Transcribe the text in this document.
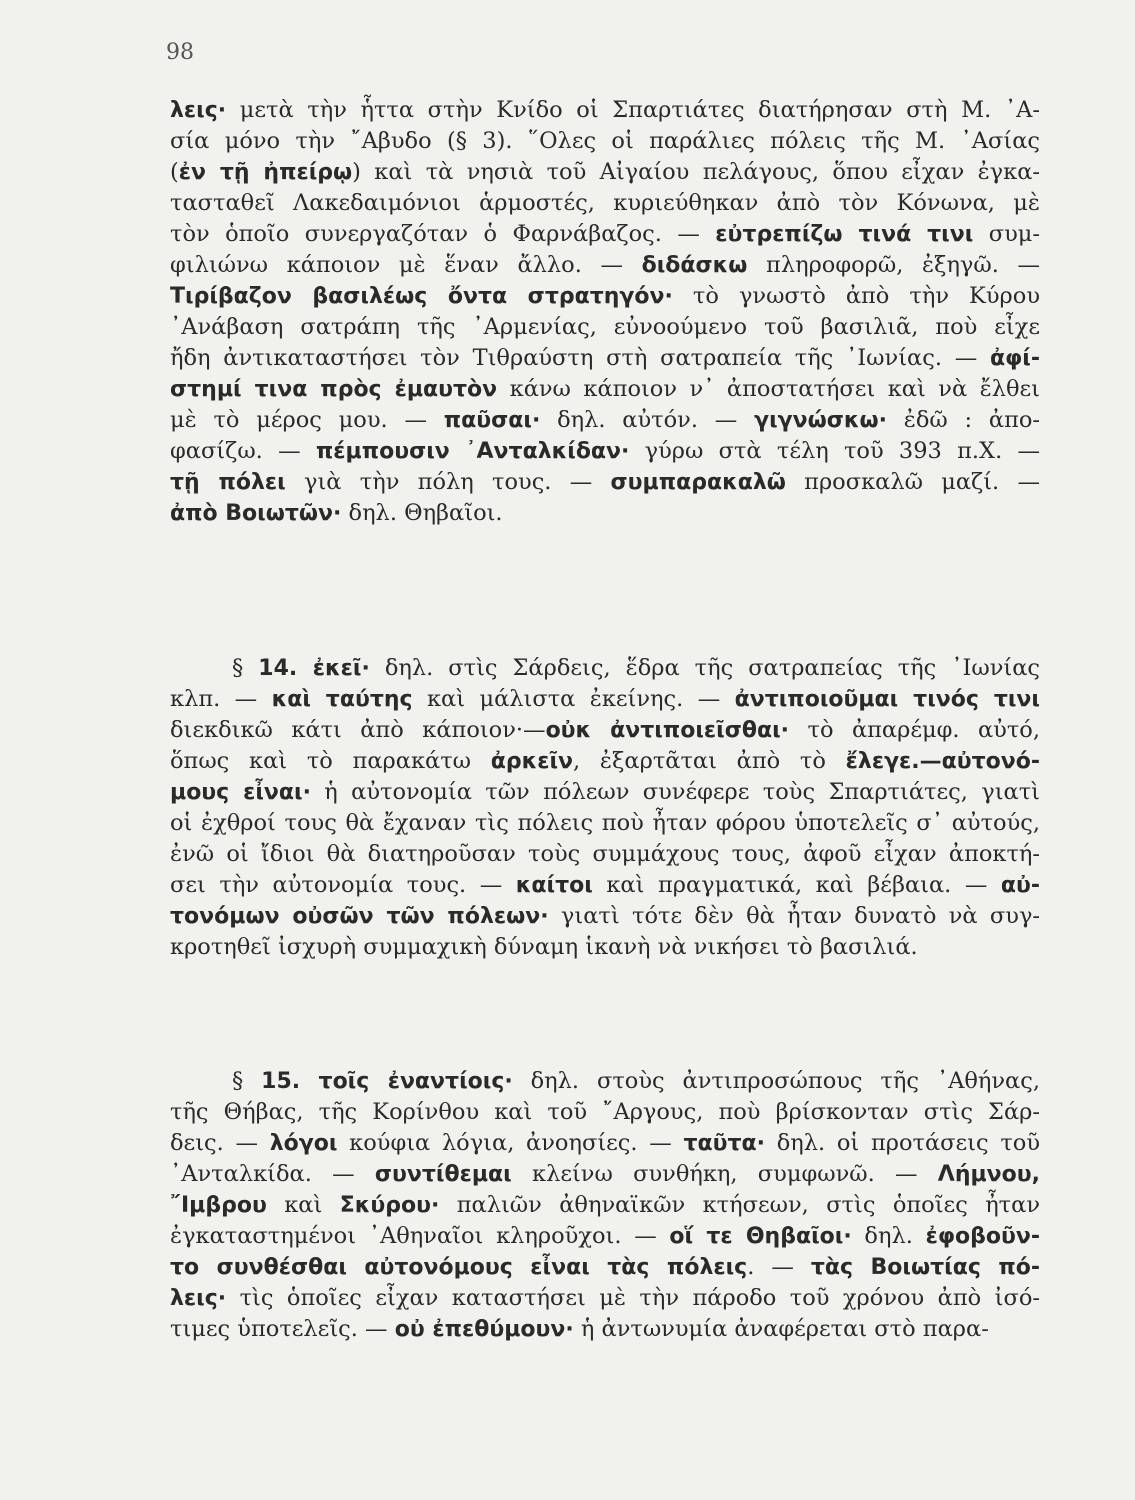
98
λεις· μετὰ τὴν ἧττα στὴν Κνίδο οἱ Σπαρτιάτες διατήρησαν στὴ Μ. ᾿Α-
σία μόνο τὴν ῎Αβυδο (§ 3). ῞Ολες οἱ παράλιες πόλεις τῆς Μ. ᾿Ασίας
(ἐν τῇ ἠπείρῳ) καὶ τὰ νησιὰ τοῦ Αἰγαίου πελάγους, ὅπου εἶχαν ἐγκα-
τασταθεῖ Λακεδαιμόνιοι ἁρμοστές, κυριεύθηκαν ἀπὸ τὸν Κόνωνα, μὲ
τὸν ὁποῖο συνεργαζόταν ὁ Φαρνάβαζος. — εὐτρεπίζω τινά τινι συμ-
φιλιώνω κάποιον μὲ ἕναν ἄλλο. — διδάσκω πληροφορῶ, ἐξηγῶ. —
Τιρίβαζον βασιλέως ὄντα στρατηγόν· τὸ γνωστὸ ἀπὸ τὴν Κύρου
᾿Ανάβαση σατράπη τῆς ᾿Αρμενίας, εὐνοούμενο τοῦ βασιλιᾶ, ποὺ εἶχε
ἤδη ἀντικαταστήσει τὸν Τιθραύστη στὴ σατραπεία τῆς ᾿Ιωνίας. — ἀφί-
στημί τινα πρὸς ἐμαυτὸν κάνω κάποιον ν᾿ ἀποστατήσει καὶ νὰ ἔλθει
μὲ τὸ μέρος μου. — παῦσαι· δηλ. αὐτόν. — γιγνώσκω· ἐδῶ : ἀπο-
φασίζω. — πέμπουσιν ᾿Ανταλκίδαν· γύρω στὰ τέλη τοῦ 393 π.Χ. —
τῇ πόλει γιὰ τὴν πόλη τους. — συμπαρακαλῶ προσκαλῶ μαζί. —
ἀπὸ Βοιωτῶν· δηλ. Θηβαῖοι.
§ 14. ἐκεῖ· δηλ. στὶς Σάρδεις, ἕδρα τῆς σατραπείας τῆς ᾿Ιωνίας
κλπ. — καὶ ταύτης καὶ μάλιστα ἐκείνης. — ἀντιποιοῦμαι τινός τινι
διεκδικῶ κάτι ἀπὸ κάποιον·—οὐκ ἀντιποιεῖσθαι· τὸ ἀπαρέμφ. αὐτό,
ὅπως καὶ τὸ παρακάτω ἀρκεῖν, ἐξαρτᾶται ἀπὸ τὸ ἔλεγε.—αὐτονό-
μους εἶναι· ἡ αὐτονομία τῶν πόλεων συνέφερε τοὺς Σπαρτιάτες, γιατὶ
οἱ ἐχθροί τους θὰ ἔχαναν τὶς πόλεις ποὺ ἦταν φόρου ὑποτελεῖς σ᾿ αὐτούς,
ἐνῶ οἱ ἴδιοι θὰ διατηροῦσαν τοὺς συμμάχους τους, ἀφοῦ εἶχαν ἀποκτή-
σει τὴν αὐτονομία τους. — καίτοι καὶ πραγματικά, καὶ βέβαια. — αὐ-
τονόμων οὐσῶν τῶν πόλεων· γιατὶ τότε δὲν θὰ ἦταν δυνατὸ νὰ συγ-
κροτηθεῖ ἰσχυρὴ συμμαχικὴ δύναμη ἱκανὴ νὰ νικήσει τὸ βασιλιά.
§ 15. τοῖς ἐναντίοις· δηλ. στοὺς ἀντιπροσώπους τῆς ᾿Αθήνας,
τῆς Θήβας, τῆς Κορίνθου καὶ τοῦ ῎Αργους, ποὺ βρίσκονταν στὶς Σάρ-
δεις. — λόγοι κούφια λόγια, ἀνοησίες. — ταῦτα· δηλ. οἱ προτάσεις τοῦ
᾿Ανταλκίδα. — συντίθεμαι κλείνω συνθήκη, συμφωνῶ. — Λήμνου,
῎Ιμβρου καὶ Σκύρου· παλιῶν ἀθηναϊκῶν κτήσεων, στὶς ὁποῖες ἦταν
ἐγκαταστημένοι ᾿Αθηναῖοι κληροῦχοι. — οἵ τε Θηβαῖοι· δηλ. ἐφοβοῦν-
το συνθέσθαι αὐτονόμους εἶναι τὰς πόλεις. — τὰς Βοιωτίας πό-
λεις· τὶς ὁποῖες εἶχαν καταστήσει μὲ τὴν πάροδο τοῦ χρόνου ἀπὸ ἰσό-
τιμες ὑποτελεῖς. — οὐ ἐπεθύμουν· ἡ ἀντωνυμία ἀναφέρεται στὸ παρα-
